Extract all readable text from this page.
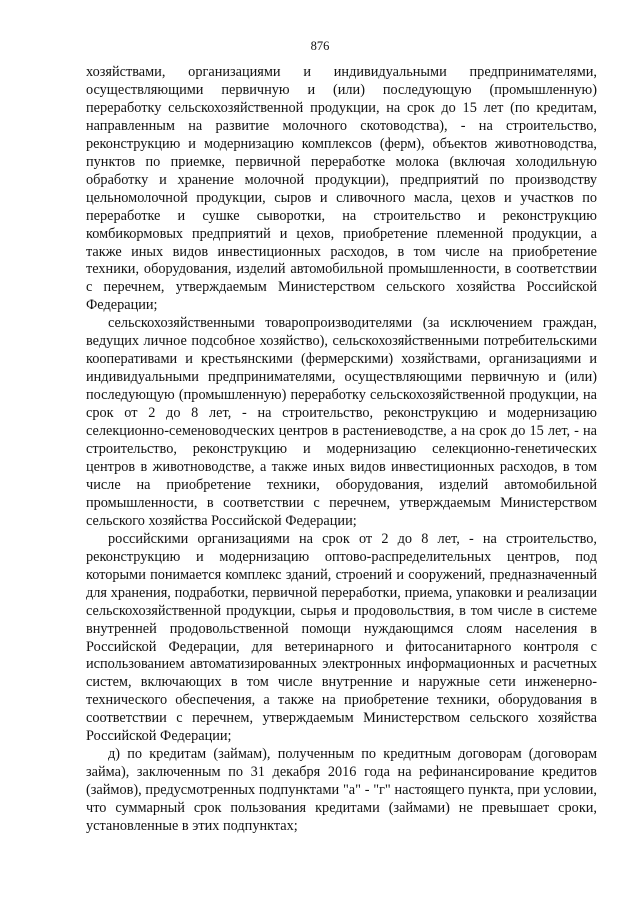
876

хозяйствами, организациями и индивидуальными предпринимателями, осуществляющими первичную и (или) последующую (промышленную) переработку сельскохозяйственной продукции, на срок до 15 лет (по кредитам, направленным на развитие молочного скотоводства), - на строительство, реконструкцию и модернизацию комплексов (ферм), объектов животноводства, пунктов по приемке, первичной переработке молока (включая холодильную обработку и хранение молочной продукции), предприятий по производству цельномолочной продукции, сыров и сливочного масла, цехов и участков по переработке и сушке сыворотки, на строительство и реконструкцию комбикормовых предприятий и цехов, приобретение племенной продукции, а также иных видов инвестиционных расходов, в том числе на приобретение техники, оборудования, изделий автомобильной промышленности, в соответствии с перечнем, утверждаемым Министерством сельского хозяйства Российской Федерации;

сельскохозяйственными товаропроизводителями (за исключением граждан, ведущих личное подсобное хозяйство), сельскохозяйственными потребительскими кооперативами и крестьянскими (фермерскими) хозяйствами, организациями и индивидуальными предпринимателями, осуществляющими первичную и (или) последующую (промышленную) переработку сельскохозяйственной продукции, на срок от 2 до 8 лет, - на строительство, реконструкцию и модернизацию селекционно-семеноводческих центров в растениеводстве, а на срок до 15 лет, - на строительство, реконструкцию и модернизацию селекционно-генетических центров в животноводстве, а также иных видов инвестиционных расходов, в том числе на приобретение техники, оборудования, изделий автомобильной промышленности, в соответствии с перечнем, утверждаемым Министерством сельского хозяйства Российской Федерации;

российскими организациями на срок от 2 до 8 лет, - на строительство, реконструкцию и модернизацию оптово-распределительных центров, под которыми понимается комплекс зданий, строений и сооружений, предназначенный для хранения, подработки, первичной переработки, приема, упаковки и реализации сельскохозяйственной продукции, сырья и продовольствия, в том числе в системе внутренней продовольственной помощи нуждающимся слоям населения в Российской Федерации, для ветеринарного и фитосанитарного контроля с использованием автоматизированных электронных информационных и расчетных систем, включающих в том числе внутренние и наружные сети инженерно-технического обеспечения, а также на приобретение техники, оборудования в соответствии с перечнем, утверждаемым Министерством сельского хозяйства Российской Федерации;

д) по кредитам (займам), полученным по кредитным договорам (договорам займа), заключенным по 31 декабря 2016 года на рефинансирование кредитов (займов), предусмотренных подпунктами "а" - "г" настоящего пункта, при условии, что суммарный срок пользования кредитами (займами) не превышает сроки, установленные в этих подпунктах;
